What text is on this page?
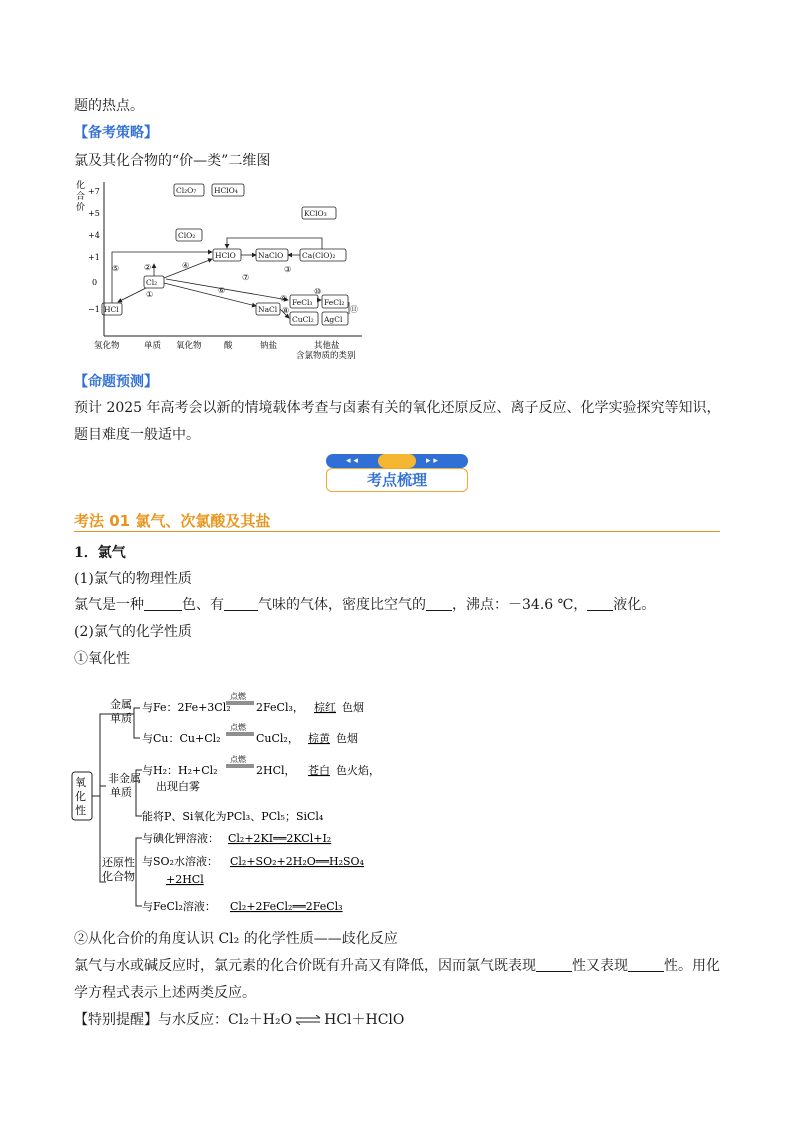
题的热点。
【备考策略】
氯及其化合物的“价—类”二维图
化
合
价
+7
+5
+4
+1
0
−1
氢化物	单质 氧化物	酸	钠盐	其他盐
含氯物质的类别
Cl₂O₇ HClO₄
KClO₃
ClO₂
HClO	NaClO Ca(ClO)₂
Cl₂
HCl	NaCl
FeCl₃ FeCl₂
CuCl₂ AgCl
①
②	③
④
⑤
⑥
⑦
⑧
⑨
⑩
⑪
【命题预测】
预计 2025 年高考会以新的情境载体考查与卤素有关的氧化还原反应、离子反应、化学实验探究等知识，
题目难度一般适中。
◂ ◂	▸ ▸
考点梳理
考法 01 氯气、次氯酸及其盐
1．氯气
(1)氯气的物理性质
氯气是一种	色、有 气味的气体，密度比空气的 ，沸点：－34.6 ℃， 液化。
(2)氯气的化学性质
①氧化性
氧
化
性
金属
单质
与Fe：2Fe+3Cl₂
点燃
2FeCl₃， 棕红 色烟
与Cu：Cu+Cl₂
点燃
CuCl₂， 棕黄 色烟
非金属
单质
与H₂：H₂+Cl₂
点燃
2HCl， 苍白 色火焰，
出现白雾
能将P、Si氧化为PCl₃、PCl₅；SiCl₄
还原性
化合物
与碘化钾溶液： Cl₂+2KI══2KCl+I₂
与SO₂水溶液： Cl₂+SO₂+2H₂O══H₂SO₄
+2HCl
与FeCl₂溶液： Cl₂+2FeCl₂══2FeCl₃
②从化合价的角度认识 Cl₂ 的化学性质——歧化反应
氯气与水或碱反应时，氯元素的化合价既有升高又有降低，因而氯气既表现	性又表现	性。用化
学方程式表示上述两类反应。
【特别提醒】与水反应：Cl₂＋H₂O ⇌ HCl＋HClO
